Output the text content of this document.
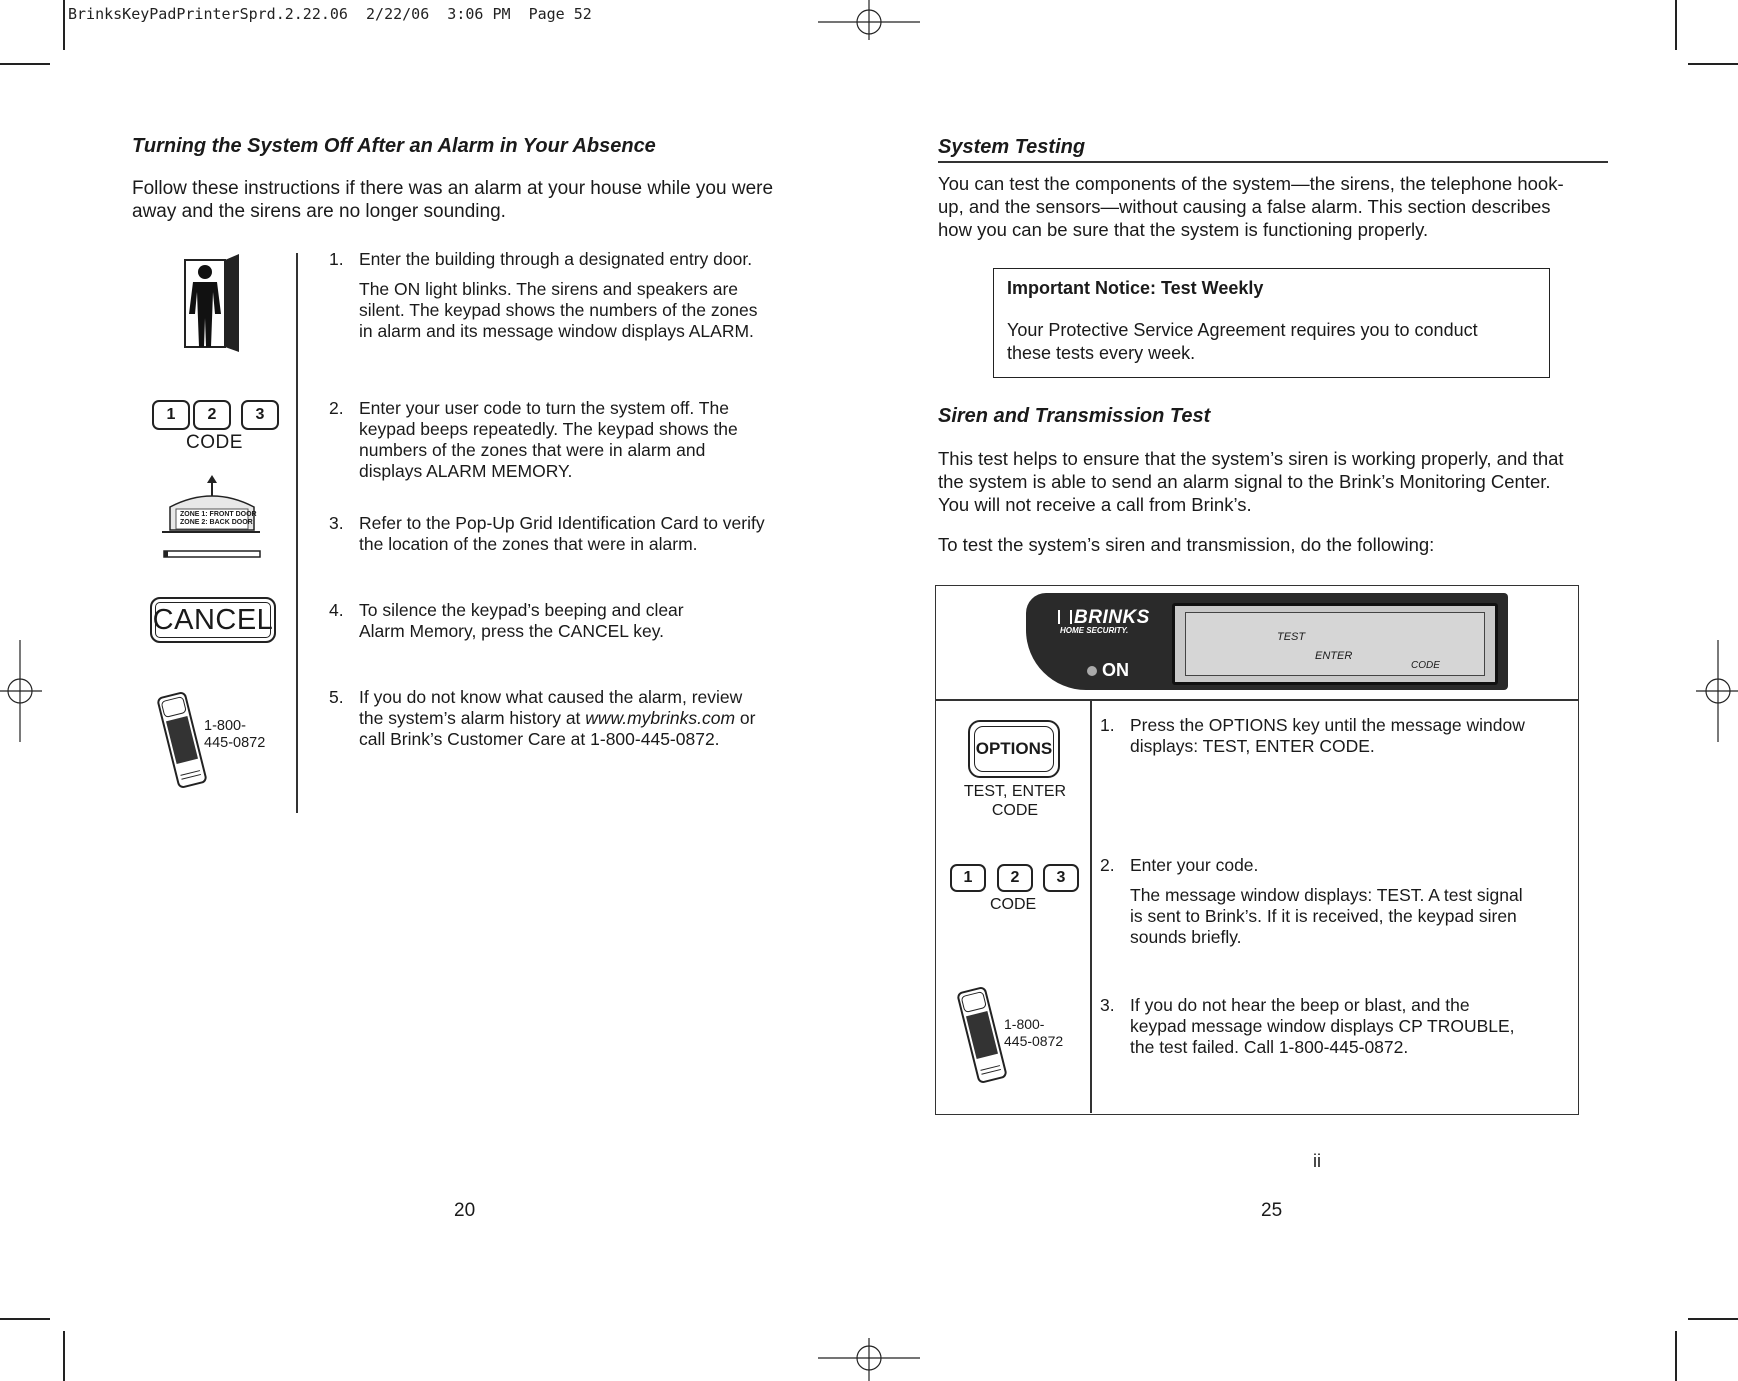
BrinksKeyPadPrinterSprd.2.22.06  2/22/06  3:06 PM  Page 52
Turning the System Off After an Alarm in Your Absence
Follow these instructions if there was an alarm at your house while you were
away and the sirens are no longer sounding.
1	2	3
CODE
ZONE 1: FRONT DOOR
ZONE 2: BACK DOOR
CANCEL
1-800-
445-0872
1. Enter the building through a designated entry door.
The ON light blinks. The sirens and speakers are
silent. The keypad shows the numbers of the zones
in alarm and its message window displays ALARM.
2. Enter your user code to turn the system off. The
keypad beeps repeatedly. The keypad shows the
numbers of the zones that were in alarm and
displays ALARM MEMORY.
3. Refer to the Pop-Up Grid Identification Card to verify
the location of the zones that were in alarm.
4. To silence the keypad’s beeping and clear
Alarm Memory, press the CANCEL key.
5. If you do not know what caused the alarm, review
the system’s alarm history at www.mybrinks.com or
call Brink’s Customer Care at 1-800-445-0872.
20
System Testing
You can test the components of the system—the sirens, the telephone hook-
up, and the sensors—without causing a false alarm. This section describes
how you can be sure that the system is functioning properly.
Important Notice: Test Weekly
Your Protective Service Agreement requires you to conduct
these tests every week.
Siren and Transmission Test
This test helps to ensure that the system’s siren is working properly, and that
the system is able to send an alarm signal to the Brink’s Monitoring Center.
You will not receive a call from Brink’s.
To test the system’s siren and transmission, do the following:
BRINKS
HOME SECURITY.
TEST
ENTER
CODE
ON
OPTIONS
TEST, ENTER
CODE
1	2	3
CODE
1-800-
445-0872
1. Press the OPTIONS key until the message window
displays: TEST, ENTER CODE.
2. Enter your code.
The message window displays: TEST. A test signal
is sent to Brink’s. If it is received, the keypad siren
sounds briefly.
3. If you do not hear the beep or blast, and the
keypad message window displays CP TROUBLE,
the test failed. Call 1-800-445-0872.
ii
25
